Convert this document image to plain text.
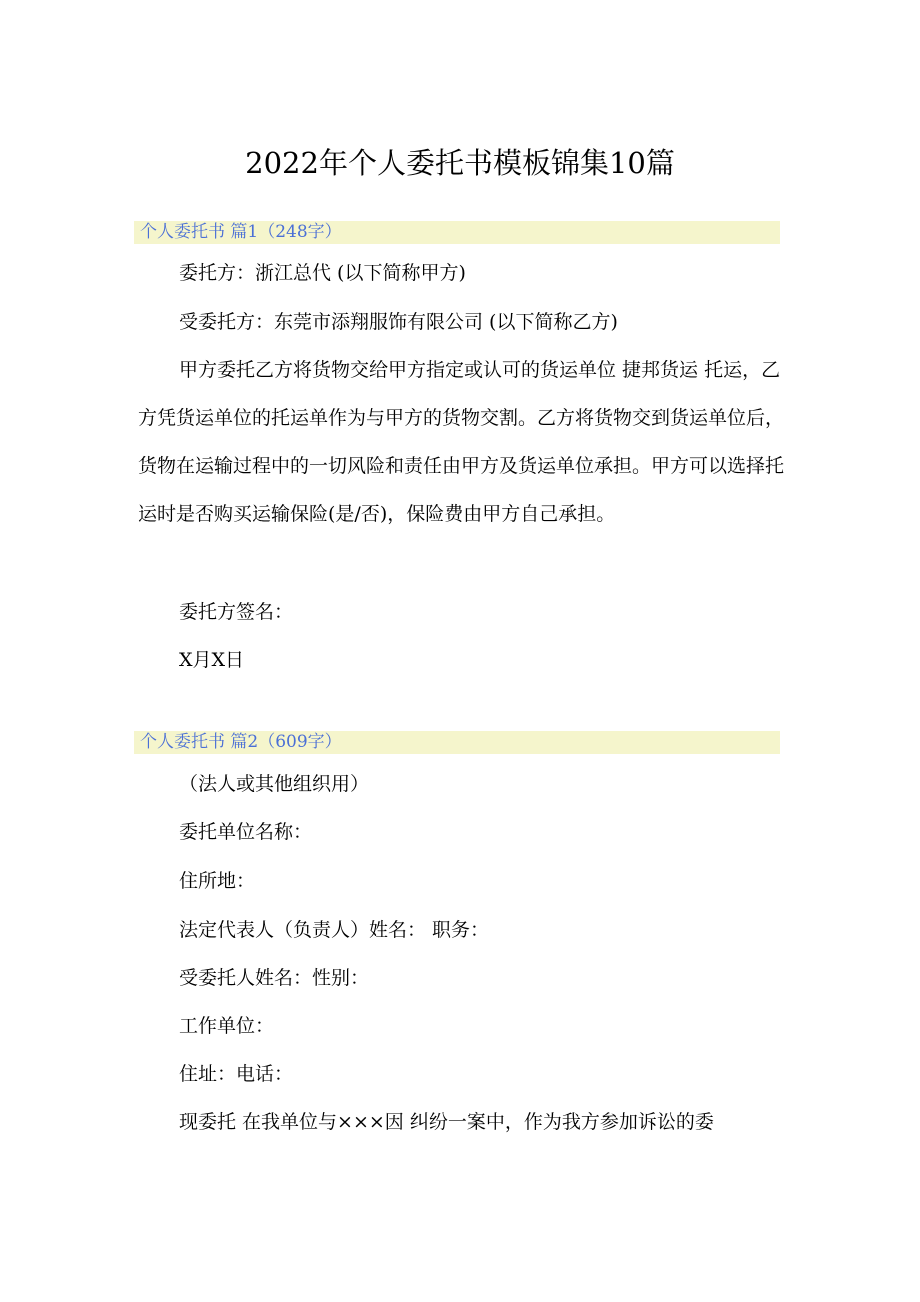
2022年个人委托书模板锦集10篇
个人委托书 篇1（248字）
委托方：浙江总代 (以下简称甲方)
受委托方：东莞市添翔服饰有限公司 (以下简称乙方)
甲方委托乙方将货物交给甲方指定或认可的货运单位 捷邦货运 托运，乙方凭货运单位的托运单作为与甲方的货物交割。乙方将货物交到货运单位后，货物在运输过程中的一切风险和责任由甲方及货运单位承担。甲方可以选择托运时是否购买运输保险(是/否)，保险费由甲方自己承担。
委托方签名：
X月X日
个人委托书 篇2（609字）
（法人或其他组织用）
委托单位名称：
住所地：
法定代表人（负责人）姓名： 职务：
受委托人姓名：性别：
工作单位：
住址：电话：
现委托 在我单位与×××因 纠纷一案中，作为我方参加诉讼的委
